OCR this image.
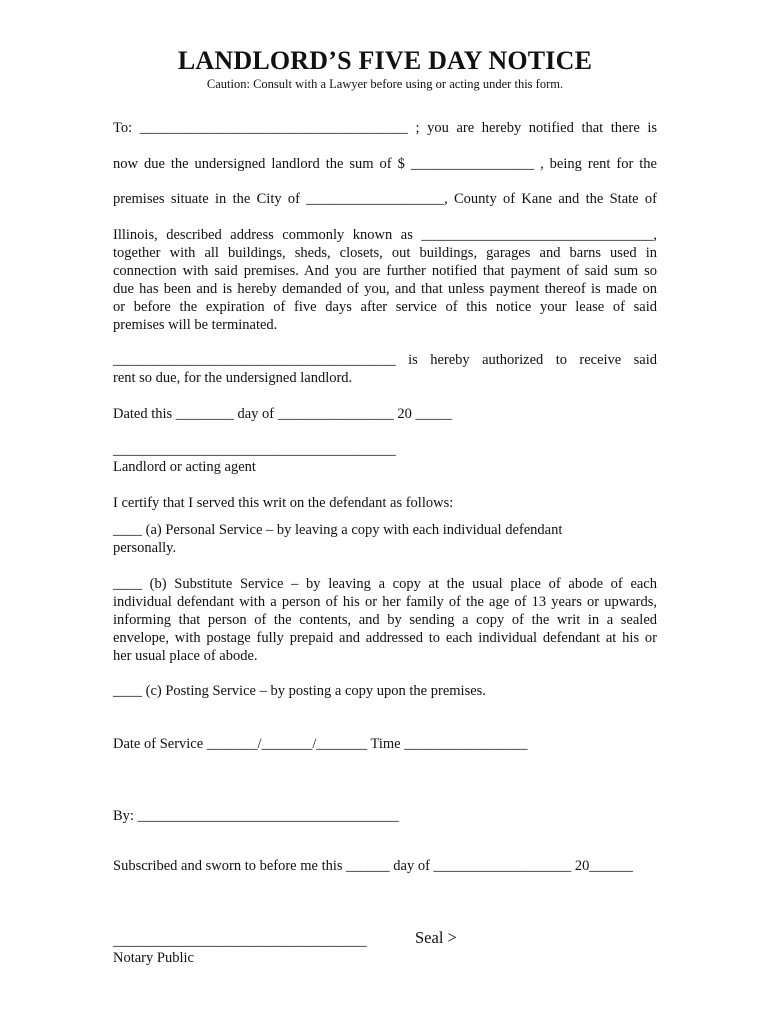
LANDLORD’S FIVE DAY NOTICE
Caution: Consult with a Lawyer before using or acting under this form.
To: _____________________________________ ; you are hereby notified that there is
now due the undersigned landlord the sum of $ _________________ , being rent for the
premises situate in the City of ___________________, County of Kane and the State of
Illinois, described address commonly known as ________________________________,
together with all buildings, sheds, closets, out buildings, garages and barns used in
connection with said premises. And you are further notified that payment of said sum so
due has been and is hereby demanded of you, and that unless payment thereof is made on
or before the expiration of five days after service of this notice your lease of said
premises will be terminated.
_______________________________________ is hereby authorized to receive said
rent so due, for the undersigned landlord.
Dated this ________ day of ________________ 20 _____
_______________________________________
Landlord or acting agent
I certify that I served this writ on the defendant as follows:
____ (a) Personal Service – by leaving a copy with each individual defendant
personally.
____ (b) Substitute Service – by leaving a copy at the usual place of abode of each
individual defendant with a person of his or her family of the age of 13 years or upwards,
informing that person of the contents, and by sending a copy of the writ in a sealed
envelope, with postage fully prepaid and addressed to each individual defendant at his or
her usual place of abode.
____ (c) Posting Service – by posting a copy upon the premises.
Date of Service _______/_______/_______ Time _________________
By: ____________________________________
Subscribed and sworn to before me this ______ day of ___________________ 20______
___________________________________	Seal >
Notary Public
